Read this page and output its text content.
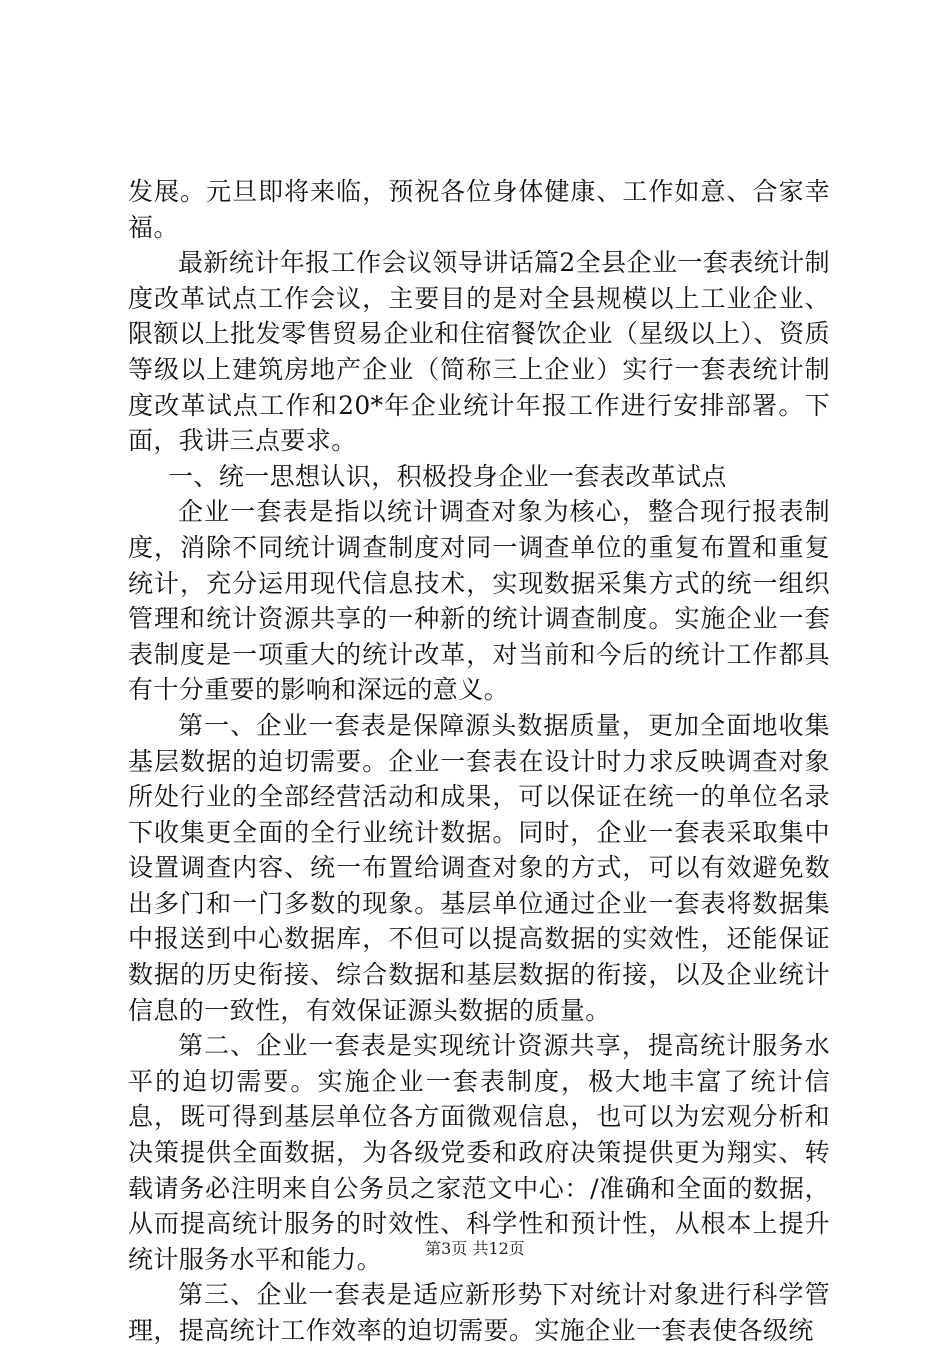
发展。元旦即将来临，预祝各位身体健康、工作如意、合家幸福。

最新统计年报工作会议领导讲话篇2全县企业一套表统计制度改革试点工作会议，主要目的是对全县规模以上工业企业、限额以上批发零售贸易企业和住宿餐饮企业（星级以上）、资质等级以上建筑房地产企业（简称三上企业）实行一套表统计制度改革试点工作和20*年企业统计年报工作进行安排部署。下面，我讲三点要求。

一、统一思想认识，积极投身企业一套表改革试点

企业一套表是指以统计调查对象为核心，整合现行报表制度，消除不同统计调查制度对同一调查单位的重复布置和重复统计，充分运用现代信息技术，实现数据采集方式的统一组织管理和统计资源共享的一种新的统计调查制度。实施企业一套表制度是一项重大的统计改革，对当前和今后的统计工作都具有十分重要的影响和深远的意义。

第一、企业一套表是保障源头数据质量，更加全面地收集基层数据的迫切需要。企业一套表在设计时力求反映调查对象所处行业的全部经营活动和成果，可以保证在统一的单位名录下收集更全面的全行业统计数据。同时，企业一套表采取集中设置调查内容、统一布置给调查对象的方式，可以有效避免数出多门和一门多数的现象。基层单位通过企业一套表将数据集中报送到中心数据库，不但可以提高数据的实效性，还能保证数据的历史衔接、综合数据和基层数据的衔接，以及企业统计信息的一致性，有效保证源头数据的质量。

第二、企业一套表是实现统计资源共享，提高统计服务水平的迫切需要。实施企业一套表制度，极大地丰富了统计信息，既可得到基层单位各方面微观信息，也可以为宏观分析和决策提供全面数据，为各级党委和政府决策提供更为翔实、转载请务必注明来自公务员之家范文中心：/准确和全面的数据，从而提高统计服务的时效性、科学性和预计性，从根本上提升统计服务水平和能力。

第三、企业一套表是适应新形势下对统计对象进行科学管理，提高统计工作效率的迫切需要。实施企业一套表使各级统

第3页 共12页
